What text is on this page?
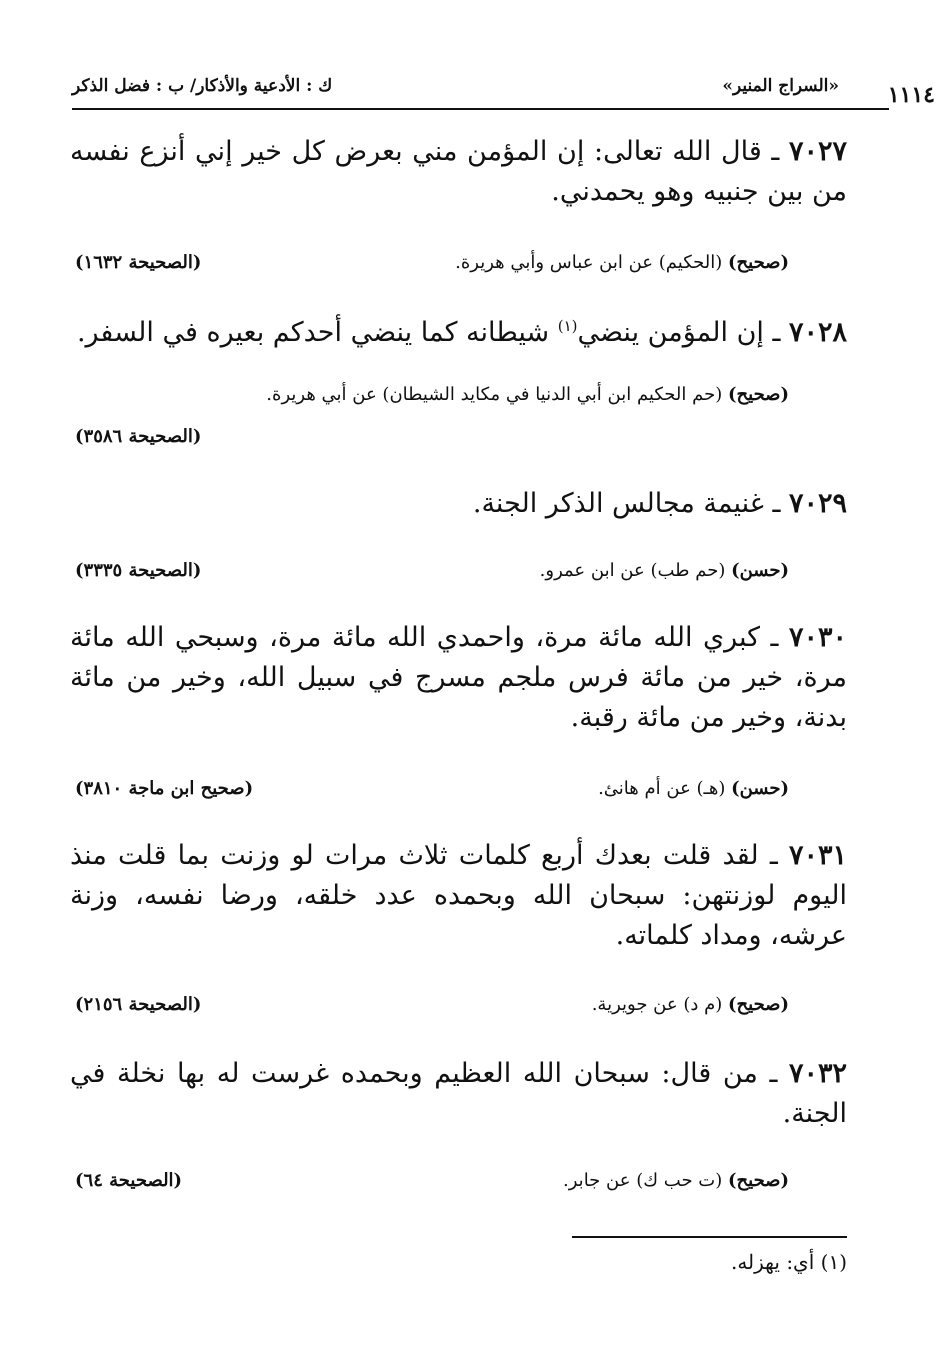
«السراج المنير»
ك : الأدعية والأذكار/ ب : فضل الذكر	١١١٤
٧٠٢٧ ـ قال الله تعالى: إن المؤمن مني بعرض كل خير إني أنزع نفسه من بين جنبيه وهو يحمدني.
(صحيح) (الحكيم) عن ابن عباس وأبي هريرة.
(الصحيحة ١٦٣٢)
٧٠٢٨ ـ إن المؤمن ينضي$^{(١)}$ شيطانه كما ينضي أحدكم بعيره في السفر.
(صحيح) (حم الحكيم ابن أبي الدنيا في مكايد الشيطان) عن أبي هريرة.
(الصحيحة ٣٥٨٦)
٧٠٢٩ ـ غنيمة مجالس الذكر الجنة.
(حسن) (حم طب) عن ابن عمرو.
(الصحيحة ٣٣٣٥)
٧٠٣٠ ـ كبري الله مائة مرة، واحمدي الله مائة مرة، وسبحي الله مائة مرة، خير من مائة فرس ملجم مسرج في سبيل الله، وخير من مائة بدنة، وخير من مائة رقبة.
(حسن) (هـ) عن أم هانئ.
(صحيح ابن ماجة ٣٨١٠)
٧٠٣١ ـ لقد قلت بعدك أربع كلمات ثلاث مرات لو وزنت بما قلت منذ اليوم لوزنتهن: سبحان الله وبحمده عدد خلقه، ورضا نفسه، وزنة عرشه، ومداد كلماته.
(صحيح) (م د) عن جويرية.
(الصحيحة ٢١٥٦)
٧٠٣٢ ـ من قال: سبحان الله العظيم وبحمده غرست له بها نخلة في الجنة.
(صحيح) (ت حب ك) عن جابر.
(الصحيحة ٦٤)
(١) أي: يهزله.
